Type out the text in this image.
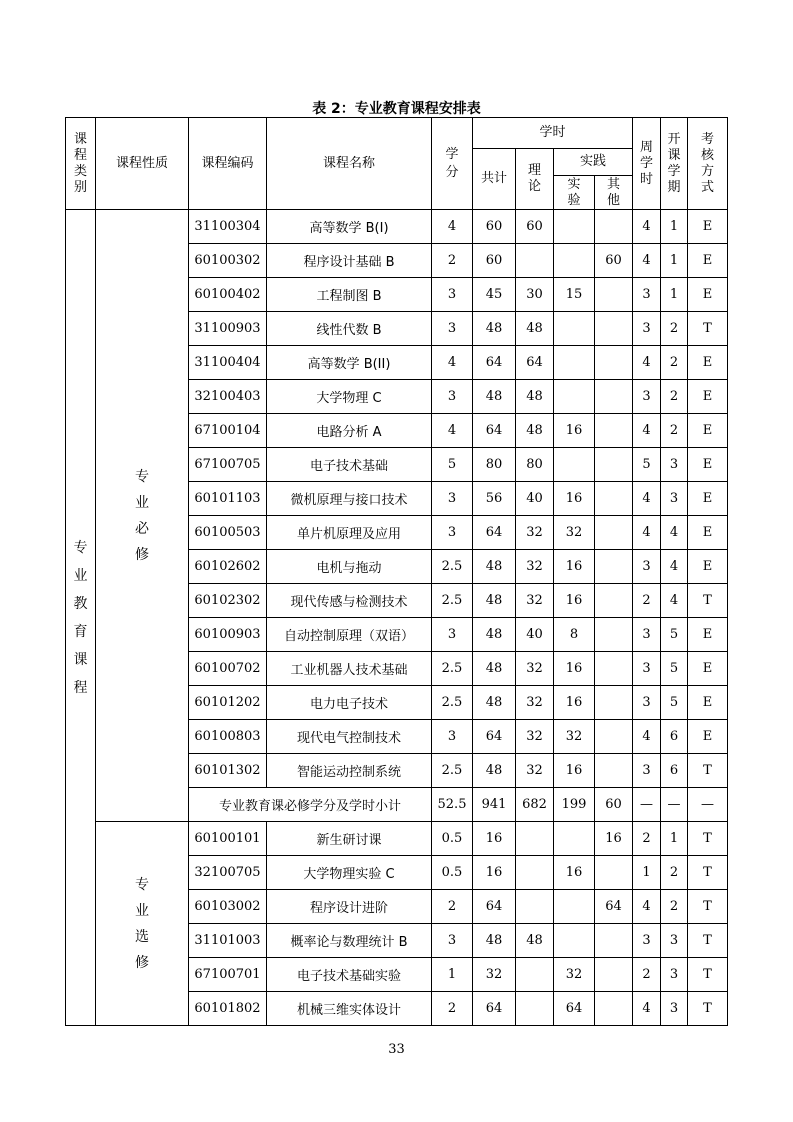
表 2：专业教育课程安排表
课程类别	课程性质	课程编码	课程名称	学分	学时				周学时	开课学期	考核方式

					共计	理论	实践				

							实验	其他			

专业教育课程	专业必修	31100304	高等数学 B(I)	4	60	60			4	1	E
		60100302	程序设计基础 B	2	60			60	4	1	E
		60100402	工程制图 B	3	45	30	15		3	1	E
		31100903	线性代数 B	3	48	48			3	2	T
		31100404	高等数学 B(II)	4	64	64			4	2	E
		32100403	大学物理 C	3	48	48			3	2	E
		67100104	电路分析 A	4	64	48	16		4	2	E
		67100705	电子技术基础	5	80	80			5	3	E
		60101103	微机原理与接口技术	3	56	40	16		4	3	E
		60100503	单片机原理及应用	3	64	32	32		4	4	E
		60102602	电机与拖动	2.5	48	32	16		3	4	E
		60102302	现代传感与检测技术	2.5	48	32	16		2	4	T
		60100903	自动控制原理（双语）	3	48	40	8		3	5	E
		60100702	工业机器人技术基础	2.5	48	32	16		3	5	E
		60101202	电力电子技术	2.5	48	32	16		3	5	E
		60100803	现代电气控制技术	3	64	32	32		4	6	E
		60101302	智能运动控制系统	2.5	48	32	16		3	6	T
		专业教育课必修学分及学时小计		52.5	941	682	199	60	—	—	—

	专业选修	60100101	新生研讨课	0.5	16			16	2	1	T
		32100705	大学物理实验 C	0.5	16		16		1	2	T
		60103002	程序设计进阶	2	64			64	4	2	T
		31101003	概率论与数理统计 B	3	48	48			3	3	T
		67100701	电子技术基础实验	1	32		32		2	3	T
		60101802	机械三维实体设计	2	64		64		4	3	T
33
